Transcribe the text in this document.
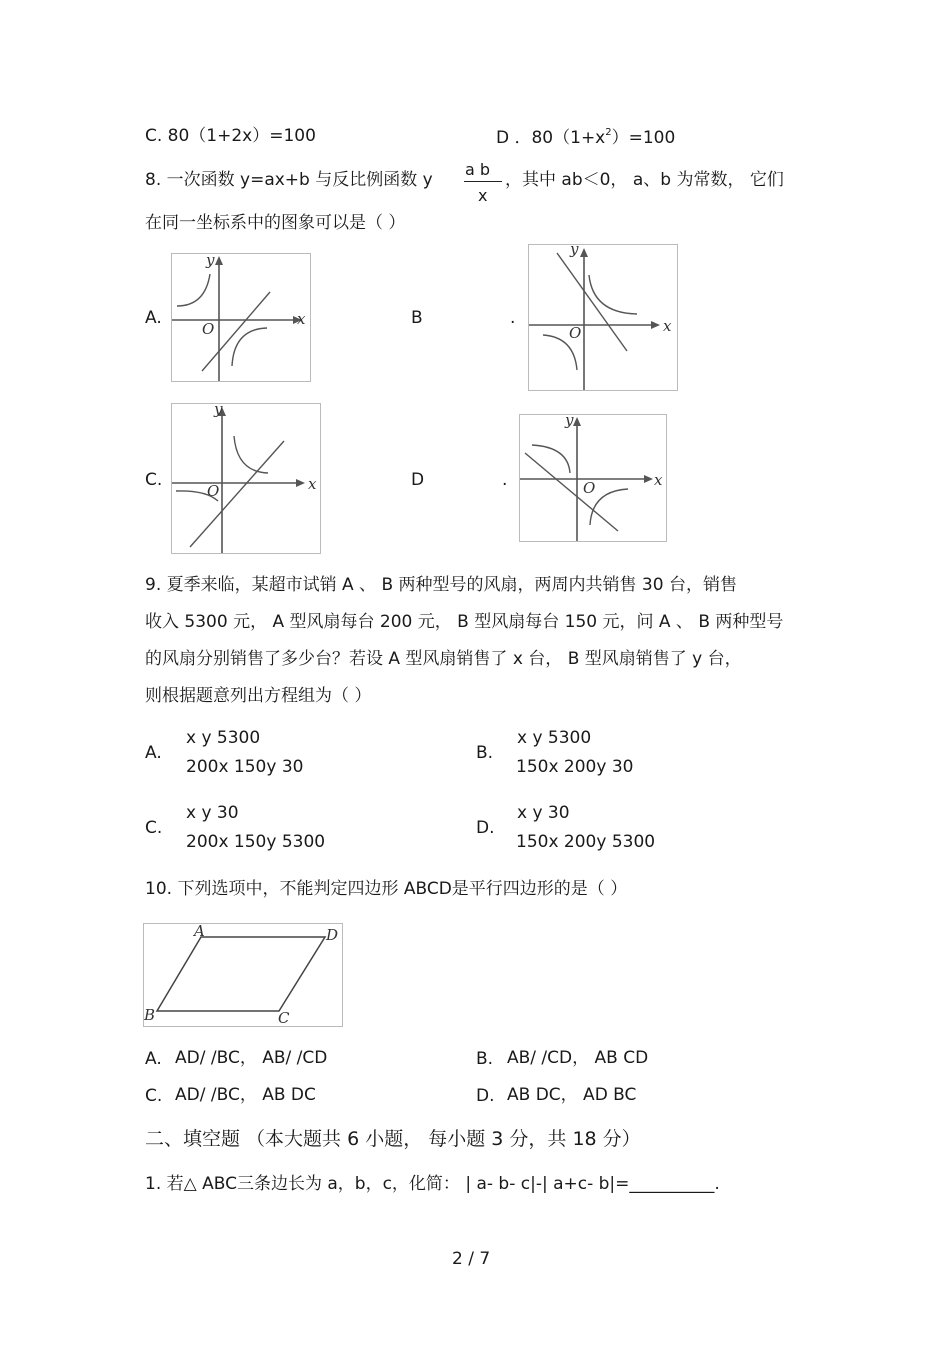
C. 80（1+2x）=100	D ．$80(1+x^2)=100$
8. 一次函数 y=ax+b 与反比例函数 y
a b
x
，其中 ab＜0， a、b 为常数， 它们
在同一坐标系中的图象可以是（ ）
A.	x
y
O
B	.	x
y
O
C.	x
y
O
D	.	x
y
O
9. 夏季来临，某超市试销 A 、 B 两种型号的风扇，两周内共销售 30 台，销售
收入 5300 元， A 型风扇每台 200 元， B 型风扇每台 150 元，问 A 、 B 两种型号
的风扇分别销售了多少台？若设 A 型风扇销售了 x 台， B 型风扇销售了 y 台，
则根据题意列出方程组为（ ）
A.
x y 5300
200x 150y 30
B.
x y 5300
150x 200y 30
C.
x y 30
200x 150y 5300
D.
x y 30
150x 200y 5300
10. 下列选项中，不能判定四边形 ABCD是平行四边形的是（ ）
A	D
B	C
A. AD/ /BC， AB/ /CD	B. AB/ /CD， AB CD
C. AD/ /BC， AB DC	D. AB DC， AD BC
二、填空题 （本大题共 6 小题， 每小题 3 分，共 18 分）
1. 若△ ABC三条边长为 a，b，c，化简： | a- b- c|-| a+c- b|=__________.
2 / 7
